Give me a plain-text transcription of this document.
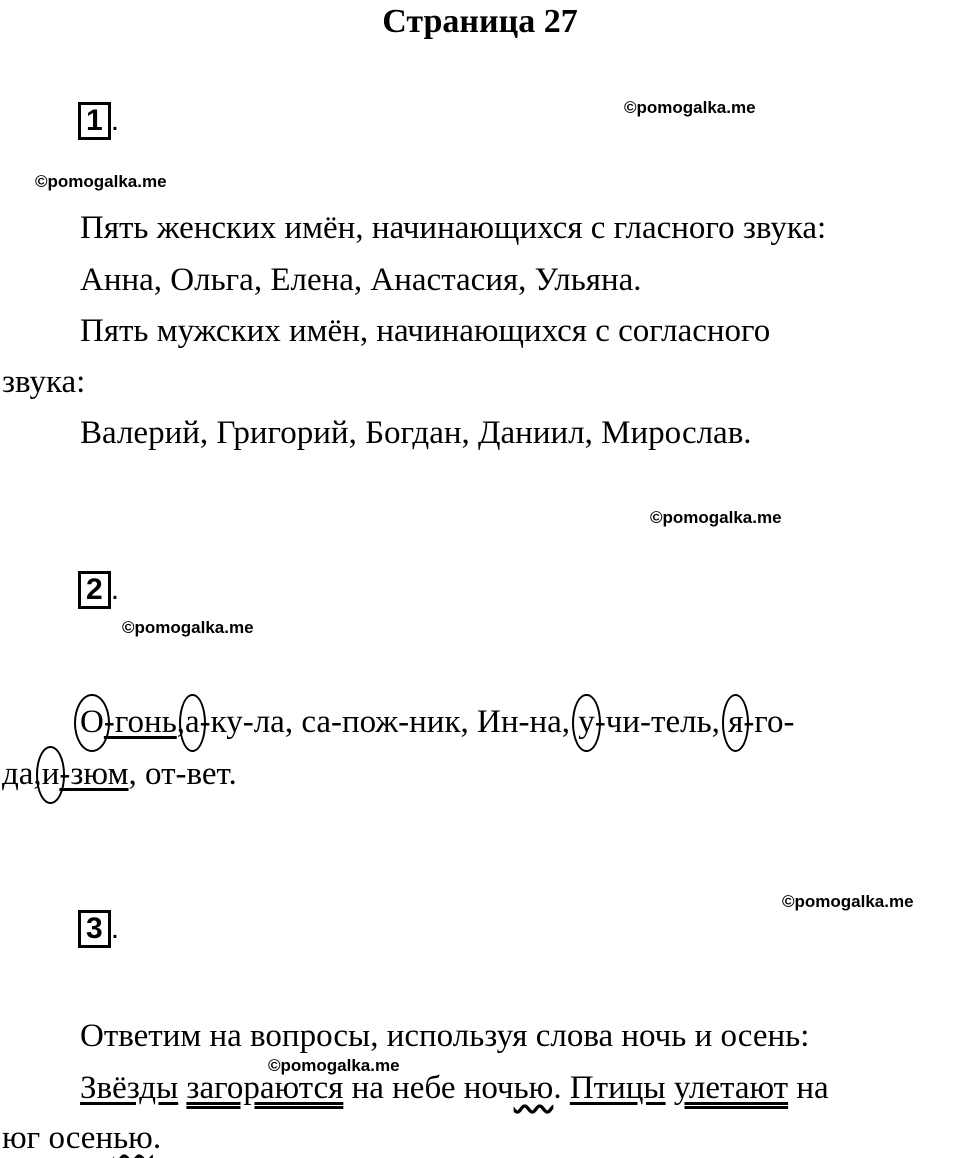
Страница 27
1 .	©pomogalka.me
©pomogalka.me
Пять женских имён, начинающихся с гласного звука:
Анна, Ольга, Елена, Анастасия, Ульяна.
Пять мужских имён, начинающихся с согласного
звука:
Валерий, Григорий, Богдан, Даниил, Мирослав.
©pomogalka.me
2 .
©pomogalka.me
О-гонь,а-ку-ла, са-пож-ник, Ин-на, у-чи-тель, я-го-
да,и-зюм, от-вет.
3 .
©pomogalka.me
Ответим на вопросы, используя слова ночь и осень:
©pomogalka.me
Звёзды загораются на небе ночью. Птицы улетают на
юг осенью.
